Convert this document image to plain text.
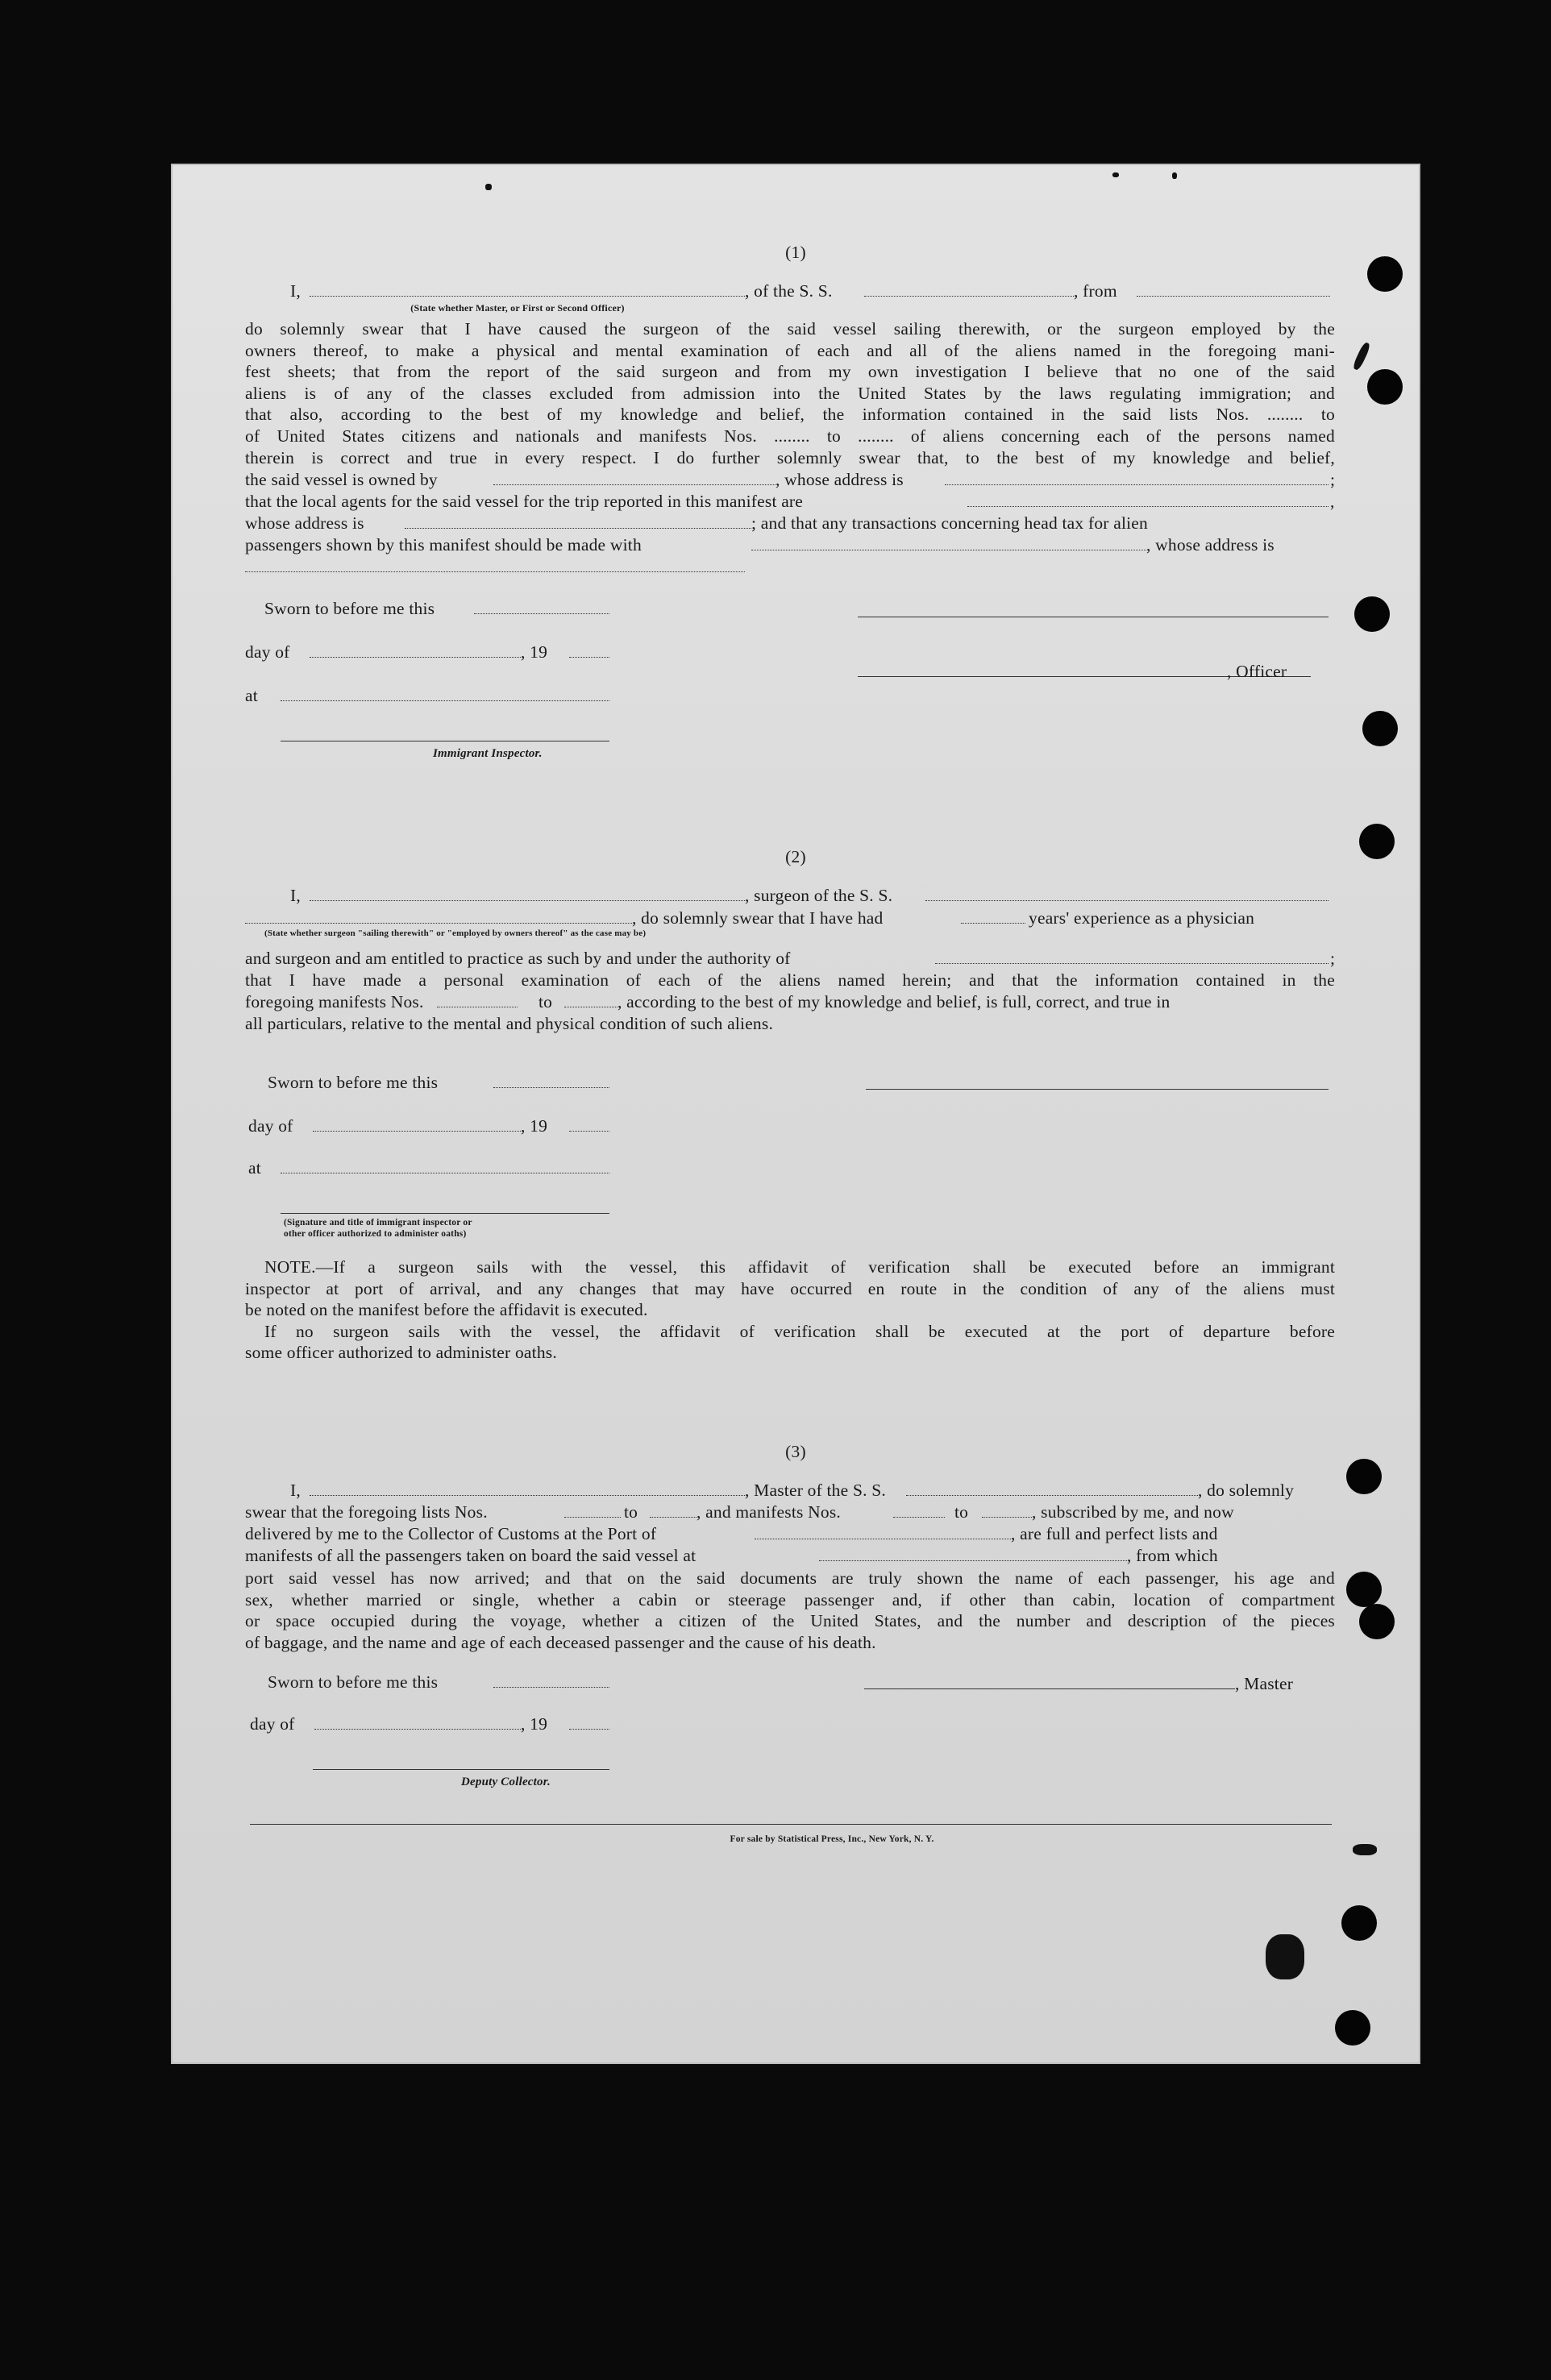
(1)
I,	, of the S. S.	, from
(State whether Master, or First or Second Officer)
do solemnly swear that I have caused the surgeon of the said vessel sailing therewith, or the surgeon employed by the
owners thereof, to make a physical and mental examination of each and all of the aliens named in the foregoing mani-
fest sheets; that from the report of the said surgeon and from my own investigation I believe that no one of the said
aliens is of any of the classes excluded from admission into the United States by the laws regulating immigration; and
that also, according to the best of my knowledge and belief, the information contained in the said lists Nos. ........ to
of United States citizens and nationals and manifests Nos. ........ to ........ of aliens concerning each of the persons named
therein is correct and true in every respect. I do further solemnly swear that, to the best of my knowledge and belief,
the said vessel is owned by	, whose address is	;
that the local agents for the said vessel for the trip reported in this manifest are	,
whose address is	; and that any transactions concerning head tax for alien
passengers shown by this manifest should be made with	, whose address is
Sworn to before me this
day of	, 19
, Officer
at
Immigrant Inspector.
(2)
I,	, surgeon of the S. S.
, do solemnly swear that I have had	years' experience as a physician
(State whether surgeon "sailing therewith" or "employed by owners thereof" as the case may be)
and surgeon and am entitled to practice as such by and under the authority of	;
that I have made a personal examination of each of the aliens named herein; and that the information contained in the
foregoing manifests Nos.	to	, according to the best of my knowledge and belief, is full, correct, and true in
all particulars, relative to the mental and physical condition of such aliens.
Sworn to before me this
day of	, 19
at
(Signature and title of immigrant inspector or
other officer authorized to administer oaths)
NOTE.—If a surgeon sails with the vessel, this affidavit of verification shall be executed before an immigrant
inspector at port of arrival, and any changes that may have occurred en route in the condition of any of the aliens must
be noted on the manifest before the affidavit is executed.
If no surgeon sails with the vessel, the affidavit of verification shall be executed at the port of departure before
some officer authorized to administer oaths.
(3)
I,	, Master of the S. S.	, do solemnly
swear that the foregoing lists Nos.	to	, and manifests Nos.	to	, subscribed by me, and now
delivered by me to the Collector of Customs at the Port of	, are full and perfect lists and
manifests of all the passengers taken on board the said vessel at	, from which
port said vessel has now arrived; and that on the said documents are truly shown the name of each passenger, his age and
sex, whether married or single, whether a cabin or steerage passenger and, if other than cabin, location of compartment
or space occupied during the voyage, whether a citizen of the United States, and the number and description of the pieces
of baggage, and the name and age of each deceased passenger and the cause of his death.
Sworn to before me this	, Master
day of	, 19
Deputy Collector.
For sale by Statistical Press, Inc., New York, N. Y.
